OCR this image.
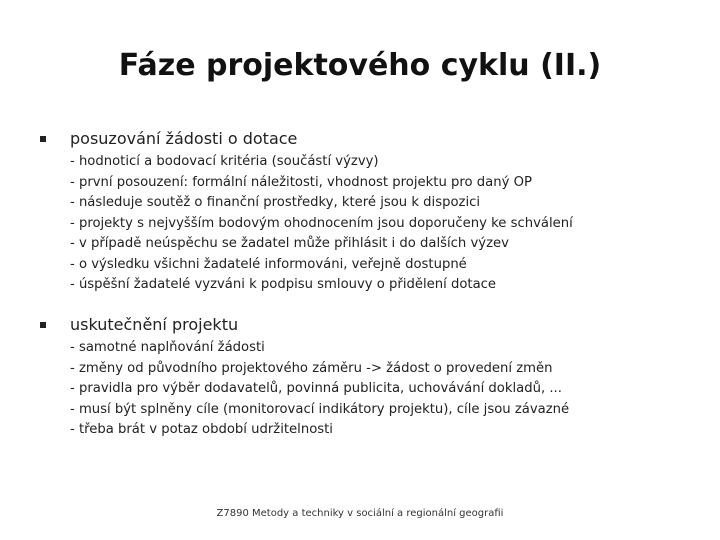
Fáze projektového cyklu (II.)
posuzování žádosti o dotace
- hodnoticí a bodovací kritéria (součástí výzvy)
- první posouzení: formální náležitosti, vhodnost projektu pro daný OP
- následuje soutěž o finanční prostředky, které jsou k dispozici
- projekty s nejvyšším bodovým ohodnocením jsou doporučeny ke schválení
- v případě neúspěchu se žadatel může přihlásit i do dalších výzev
- o výsledku všichni žadatelé informováni, veřejně dostupné
- úspěšní žadatelé vyzváni k podpisu smlouvy o přidělení dotace
uskutečnění projektu
- samotné naplňování žádosti
- změny od původního projektového záměru -> žádost o provedení změn
- pravidla pro výběr dodavatelů, povinná publicita, uchovávání dokladů, ...
- musí být splněny cíle (monitorovací indikátory projektu), cíle jsou závazné
- třeba brát v potaz období udržitelnosti
Z7890 Metody a techniky v sociální a regionální geografii
